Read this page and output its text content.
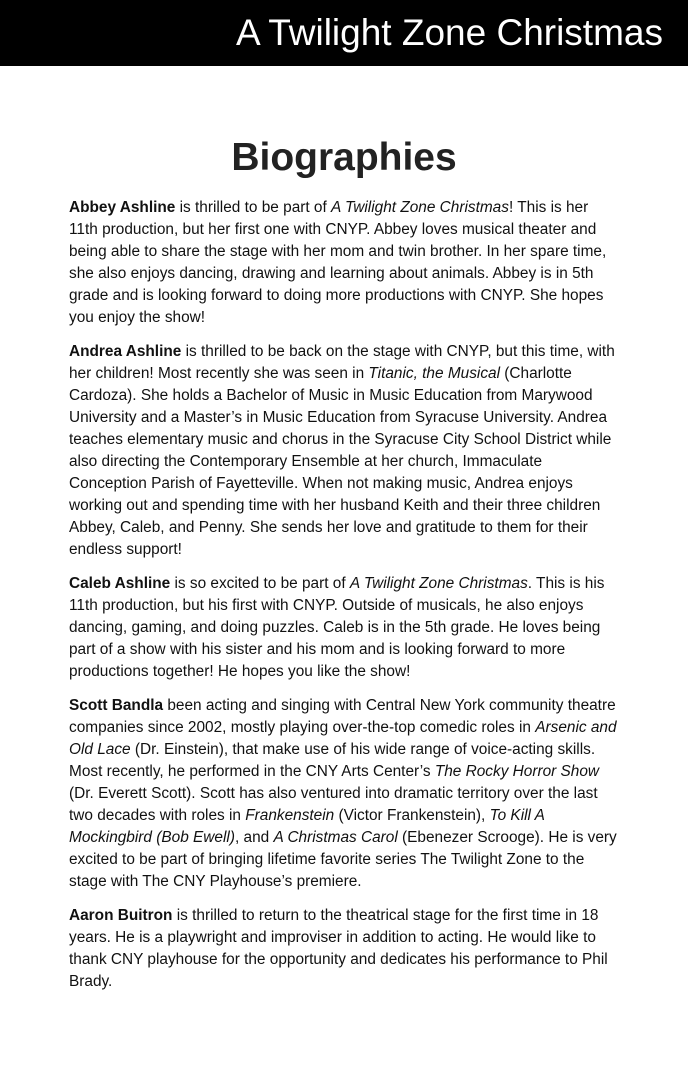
A Twilight Zone Christmas
Biographies

Abbey Ashline is thrilled to be part of A Twilight Zone Christmas! This is her 11th production, but her first one with CNYP. Abbey loves musical theater and being able to share the stage with her mom and twin brother. In her spare time, she also enjoys dancing, drawing and learning about animals. Abbey is in 5th grade and is looking forward to doing more productions with CNYP. She hopes you enjoy the show!

Andrea Ashline is thrilled to be back on the stage with CNYP, but this time, with her children! Most recently she was seen in Titanic, the Musical (Charlotte Cardoza). She holds a Bachelor of Music in Music Education from Marywood University and a Master’s in Music Education from Syracuse University. Andrea teaches elementary music and chorus in the Syracuse City School District while also directing the Contemporary Ensemble at her church, Immaculate Conception Parish of Fayetteville. When not making music, Andrea enjoys working out and spending time with her husband Keith and their three children Abbey, Caleb, and Penny. She sends her love and gratitude to them for their endless support!

Caleb Ashline is so excited to be part of A Twilight Zone Christmas. This is his 11th production, but his first with CNYP. Outside of musicals, he also enjoys dancing, gaming, and doing puzzles. Caleb is in the 5th grade. He loves being part of a show with his sister and his mom and is looking forward to more productions together! He hopes you like the show!

Scott Bandla been acting and singing with Central New York community theatre companies since 2002, mostly playing over-the-top comedic roles in Arsenic and Old Lace (Dr. Einstein), that make use of his wide range of voice-acting skills. Most recently, he performed in the CNY Arts Center’s The Rocky Horror Show (Dr. Everett Scott). Scott has also ventured into dramatic territory over the last two decades with roles in Frankenstein (Victor Frankenstein), To Kill A Mockingbird (Bob Ewell), and A Christmas Carol (Ebenezer Scrooge). He is very excited to be part of bringing lifetime favorite series The Twilight Zone to the stage with The CNY Playhouse’s premiere.

Aaron Buitron is thrilled to return to the theatrical stage for the first time in 18 years. He is a playwright and improviser in addition to acting. He would like to thank CNY playhouse for the opportunity and dedicates his performance to Phil Brady.
